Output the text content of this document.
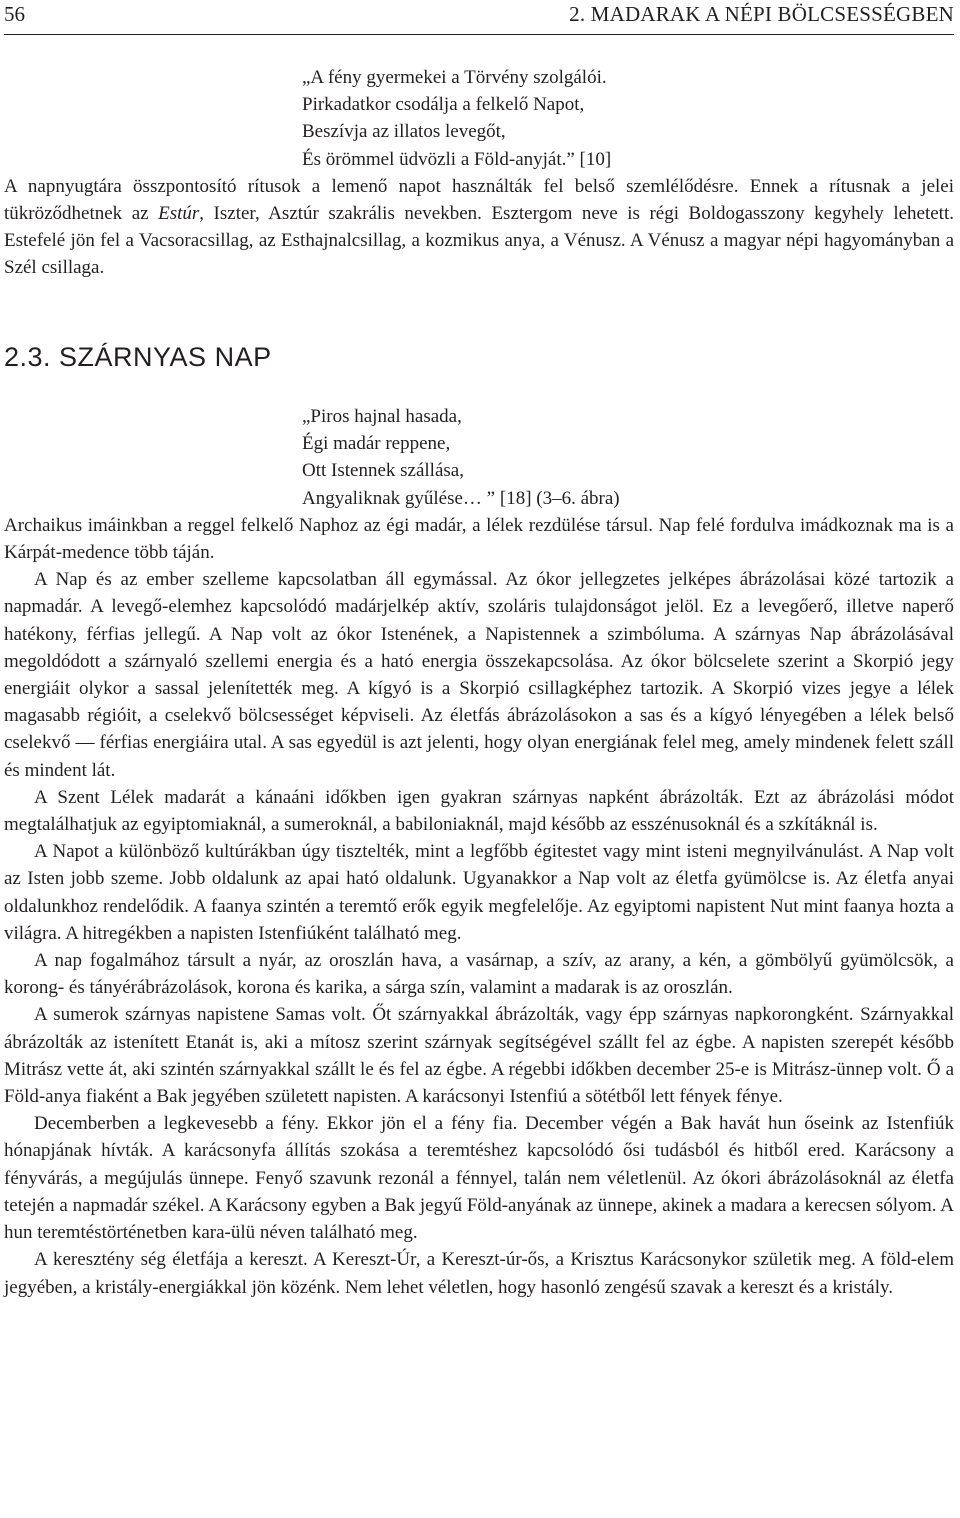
56	2. MADARAK A NÉPI BÖLCSESSÉGBEN
„A fény gyermekei a Törvény szolgálói.
Pirkadatkor csodálja a felkelő Napot,
Beszívja az illatos levegőt,
És örömmel üdvözli a Föld-anyját.” [10]

A napnyugtára összpontosító rítusok a lemenő napot használták fel belső szemlélődésre. Ennek a rítusnak a jelei tükröződhetnek az Estúr, Iszter, Asztúr szakrális nevekben. Esztergom neve is régi Boldogasszony kegyhely lehetett. Estefelé jön fel a Vacsoracsillag, az Esthajnalcsillag, a kozmikus anya, a Vénusz. A Vénusz a magyar népi hagyományban a Szél csillaga.

2.3. SZÁRNYAS NAP
„Piros hajnal hasada,
Égi madár reppene,
Ott Istennek szállása,
Angyaliknak gyűlése… ” [18] (3–6. ábra)

Archaikus imáinkban a reggel felkelő Naphoz az égi madár, a lélek rezdülése társul. Nap felé fordulva imádkoznak ma is a Kárpát-medence több táján.

A Nap és az ember szelleme kapcsolatban áll egymással. Az ókor jellegzetes jelképes ábrázolásai közé tartozik a napmadár. A levegő-elemhez kapcsolódó madárjelkép aktív, szoláris tulajdonságot jelöl. Ez a levegőerő, illetve naperő hatékony, férfias jellegű. A Nap volt az ókor Istenének, a Napistennek a szimbóluma. A szárnyas Nap ábrázolásával megoldódott a szárnyaló szellemi energia és a ható energia összekapcsolása. Az ókor bölcselete szerint a Skorpió jegy energiáit olykor a sassal jelenítették meg. A kígyó is a Skorpió csillagképhez tartozik. A Skorpió vizes jegye a lélek magasabb régióit, a cselekvő bölcsességet képviseli. Az életfás ábrázolásokon a sas és a kígyó lényegében a lélek belső cselekvő — férfias energiáira utal. A sas egyedül is azt jelenti, hogy olyan energiának felel meg, amely mindenek felett száll és mindent lát.

A Szent Lélek madarát a kánaáni időkben igen gyakran szárnyas napként ábrázolták. Ezt az ábrázolási módot megtalálhatjuk az egyiptomiaknál, a sumeroknál, a babiloniaknál, majd később az esszénusoknál és a szkítáknál is.

A Napot a különböző kultúrákban úgy tisztelték, mint a legfőbb égitestet vagy mint isteni megnyilvánulást. A Nap volt az Isten jobb szeme. Jobb oldalunk az apai ható oldalunk. Ugyanakkor a Nap volt az életfa gyümölcse is. Az életfa anyai oldalunkhoz rendelődik. A faanya szintén a teremtő erők egyik megfelelője. Az egyiptomi napistent Nut mint faanya hozta a világra. A hitregékben a napisten Istenfiúként található meg.

A nap fogalmához társult a nyár, az oroszlán hava, a vasárnap, a szív, az arany, a kén, a gömbölyű gyümölcsök, a korong- és tányérábrázolások, korona és karika, a sárga szín, valamint a madarak is az oroszlán.

A sumerok szárnyas napistene Samas volt. Őt szárnyakkal ábrázolták, vagy épp szárnyas napkorongként. Szárnyakkal ábrázolták az istenített Etanát is, aki a mítosz szerint szárnyak segítségével szállt fel az égbe. A napisten szerepét később Mitrász vette át, aki szintén szárnyakkal szállt le és fel az égbe. A régebbi időkben december 25-e is Mitrász-ünnep volt. Ő a Föld-anya fiaként a Bak jegyében született napisten. A karácsonyi Istenfiú a sötétből lett fények fénye.

Decemberben a legkevesebb a fény. Ekkor jön el a fény fia. December végén a Bak havát hun őseink az Istenfiúk hónapjának hívták. A karácsonyfa állítás szokása a teremtéshez kapcsolódó ősi tudásból és hitből ered. Karácsony a fényvárás, a megújulás ünnepe. Fenyő szavunk rezonál a fénnyel, talán nem véletlenül. Az ókori ábrázolásoknál az életfa tetején a napmadár székel. A Karácsony egyben a Bak jegyű Föld-anyának az ünnepe, akinek a madara a kerecsen sólyom. A hun teremtéstörténetben kara-ülü néven található meg.

A keresztény ség életfája a kereszt. A Kereszt-Úr, a Kereszt-úr-ős, a Krisztus Karácsonykor születik meg. A föld-elem jegyében, a kristály-energiákkal jön közénk. Nem lehet véletlen, hogy hasonló zengésű szavak a kereszt és a kristály.
